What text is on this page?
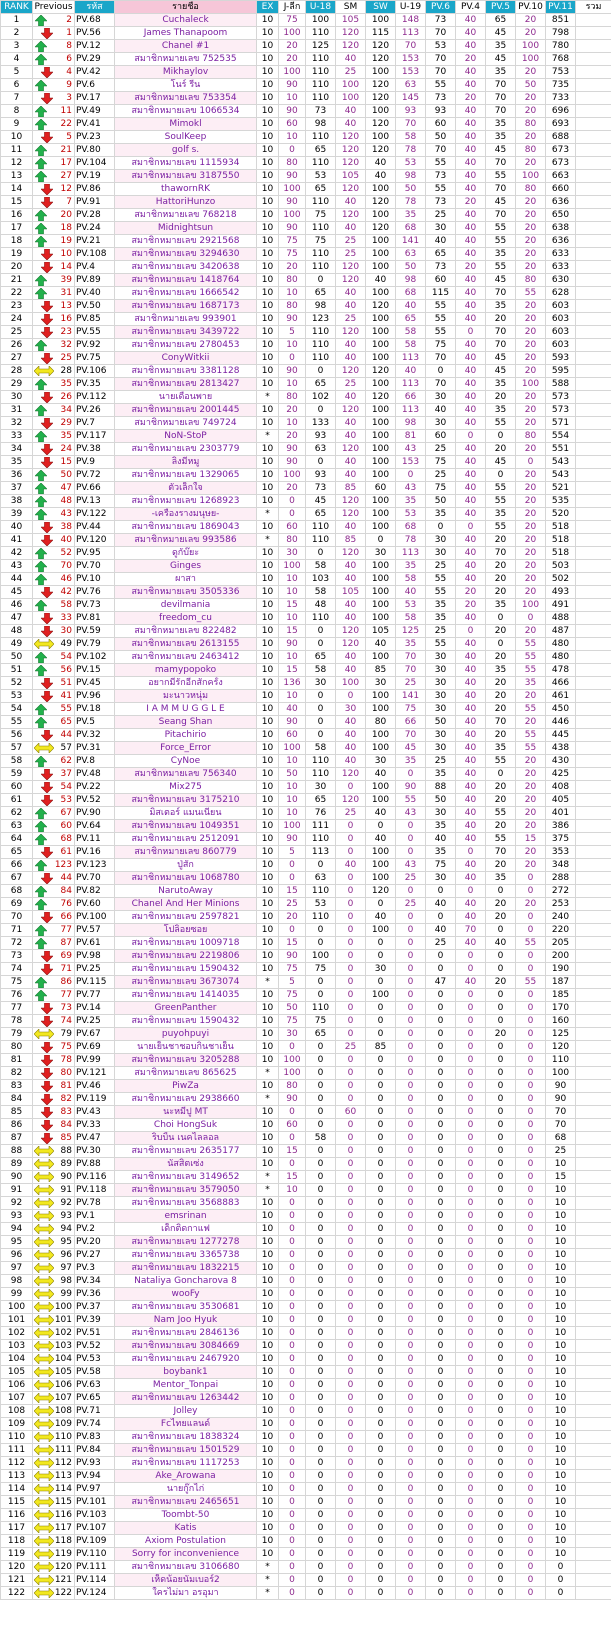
RANK	Previous	รหัส	รายชื่อ	EX	J-ลีก	U-18	SM	SW	U-19	PV.6	PV.4	PV.5	PV.10	PV.11	รวม
1	2	PV.68	Cuchaleck	10	75	100	105	100	148	73	40	65	20	851	
2	1	PV.56	James Thanapoom	10	100	110	120	115	113	70	40	45	20	798	
3	8	PV.12	Chanel #1	10	20	125	120	120	70	53	40	35	100	780	
4	6	PV.29	สมาชิกหมายเลข 752535	10	20	110	40	120	153	70	20	45	100	768	
5	4	PV.42	Mikhaylov	10	100	110	25	100	153	70	40	35	20	753	
6	9	PV.6	โนร์ รีน	10	90	110	100	120	63	55	40	70	50	735	
7	3	PV.17	สมาชิกหมายเลข 753354	10	10	110	100	120	145	73	20	70	20	733	
8	11	PV.49	สมาชิกหมายเลข 1066534	10	90	73	40	100	93	93	40	70	20	696	
9	22	PV.41	Mimokl	10	60	98	40	120	70	60	40	35	80	693	
10	5	PV.23	SoulKeep	10	10	110	120	100	58	50	40	35	20	688	
11	21	PV.80	golf s.	10	0	65	120	120	78	70	40	45	80	673	
12	17	PV.104	สมาชิกหมายเลข 1115934	10	80	110	120	40	53	55	40	70	20	673	
13	27	PV.19	สมาชิกหมายเลข 3187550	10	90	53	105	40	98	73	40	55	100	663	
14	12	PV.86	thawornRK	10	100	65	120	100	50	55	40	70	80	660	
15	7	PV.91	HattoriHunzo	10	90	110	40	120	78	73	20	45	20	636	
16	20	PV.28	สมาชิกหมายเลข 768218	10	100	75	120	100	35	25	40	70	20	650	
17	18	PV.24	Midnightsun	10	90	110	40	120	68	30	40	55	20	638	
18	19	PV.21	สมาชิกหมายเลข 2921568	10	75	75	25	100	141	40	40	55	20	636	
19	10	PV.108	สมาชิกหมายเลข 3294630	10	75	110	25	100	63	65	40	35	20	633	
20	14	PV.4	สมาชิกหมายเลข 3420638	10	20	110	120	100	50	73	20	55	20	633	
21	39	PV.89	สมาชิกหมายเลข 1418764	10	80	0	120	40	98	60	40	45	80	630	
22	31	PV.40	สมาชิกหมายเลข 1666542	10	10	65	40	100	68	115	40	70	55	628	
23	13	PV.50	สมาชิกหมายเลข 1687173	10	80	98	40	120	40	55	40	35	20	603	
24	16	PV.85	สมาชิกหมายเลข 993901	10	90	123	25	100	65	55	40	20	20	603	
25	23	PV.55	สมาชิกหมายเลข 3439722	10	5	110	120	100	58	55	0	70	20	603	
26	32	PV.92	สมาชิกหมายเลข 2780453	10	10	110	40	100	58	75	40	70	20	603	
27	25	PV.75	ConyWitkii	10	0	110	40	100	113	70	40	45	20	593	
28	28	PV.106	สมาชิกหมายเลข 3381128	10	90	0	120	120	40	0	40	45	20	595	
29	35	PV.35	สมาชิกหมายเลข 2813427	10	10	65	25	100	113	70	40	35	100	588	
30	26	PV.112	นายเดือนพาย	*	80	102	40	120	66	30	40	20	20	573	
31	34	PV.26	สมาชิกหมายเลข 2001445	10	20	0	120	100	113	40	40	35	20	573	
32	29	PV.7	สมาชิกหมายเลข 749724	10	10	133	40	100	98	30	40	55	20	571	
33	35	PV.117	NoN-StoP	*	20	93	40	100	81	60	0	0	80	554	
34	24	PV.38	สมาชิกหมายเลข 2303779	10	90	63	120	100	43	25	40	20	20	551	
35	15	PV.9	ลิงมีหมู	10	90	0	40	100	153	75	40	45	0	543	
36	50	PV.72	สมาชิกหมายเลข 1329065	10	100	93	40	100	0	25	40	0	20	543	
37	47	PV.66	ตัวเล็กใจ	10	20	73	85	60	43	75	40	55	20	521	
38	48	PV.13	สมาชิกหมายเลข 1268923	10	0	45	120	100	35	50	40	55	20	535	
39	43	PV.122	-เครื่องรางมนุษย-	*	0	65	120	100	53	35	40	35	20	520	
40	38	PV.44	สมาชิกหมายเลข 1869043	10	60	110	40	100	68	0	0	55	20	518	
41	40	PV.120	สมาชิกหมายเลข 993586	*	80	110	85	0	78	30	40	20	20	518	
42	52	PV.95	ดูกับ๊ยะ	10	30	0	120	30	113	30	40	70	20	518	
43	70	PV.70	Ginges	10	100	58	40	100	35	25	40	20	20	503	
44	46	PV.10	ผาสา	10	10	103	40	100	58	55	40	20	20	502	
45	42	PV.76	สมาชิกหมายเลข 3505336	10	10	58	105	100	40	55	20	20	20	493	
46	58	PV.73	devilmania	10	15	48	40	100	53	35	20	35	100	491	
47	33	PV.81	freedom_cu	10	10	110	40	100	58	35	40	0	0	488	
48	30	PV.59	สมาชิกหมายเลข 822482	10	15	0	120	105	125	25	0	20	20	487	
49	49	PV.79	สมาชิกหมายเลข 2613155	10	90	0	120	40	35	55	40	0	55	480	
50	54	PV.102	สมาชิกหมายเลข 2463412	10	10	65	40	100	70	30	40	20	55	480	
51	56	PV.15	mamypopoko	10	15	58	40	85	70	30	40	35	55	478	
52	51	PV.45	อยากมีรักอีกสักครั้ง	10	136	30	100	30	25	30	40	20	35	466	
53	41	PV.96	มะนาวหนุ่ม	10	10	0	0	100	141	30	40	20	20	461	
54	55	PV.18	I A M M U G G L E	10	40	0	30	100	75	30	40	20	55	450	
55	65	PV.5	Seang Shan	10	90	0	40	80	66	50	40	70	20	446	
56	44	PV.32	Pitachirio	10	60	0	40	100	70	30	40	20	55	445	
57	57	PV.31	Force_Error	10	100	58	40	100	45	30	40	35	55	438	
58	62	PV.8	CyNoe	10	10	110	40	30	35	25	40	55	20	430	
59	37	PV.48	สมาชิกหมายเลข 756340	10	50	110	120	40	0	35	40	0	20	425	
60	54	PV.22	Mix275	10	10	30	0	100	90	88	40	20	20	408	
61	53	PV.52	สมาชิกหมายเลข 3175210	10	10	65	120	100	55	50	40	20	20	405	
62	67	PV.90	มิสเตอร์ แมนเนี่ยน	10	10	76	25	40	43	30	40	55	20	401	
63	60	PV.64	สมาชิกหมายเลข 1049351	10	100	111	0	0	0	35	40	20	20	386	
64	68	PV.11	สมาชิกหมายเลข 2512091	10	90	110	0	40	0	40	40	55	15	375	
65	61	PV.16	สมาชิกหมายเลข 860779	10	5	113	0	100	0	35	0	70	20	353	
66	123	PV.123	ปู่สัก	10	0	0	40	100	43	75	40	20	20	348	
67	44	PV.70	สมาชิกหมายเลข 1068780	10	0	63	0	100	25	30	40	35	0	288	
68	84	PV.82	NarutoAway	10	15	110	0	120	0	0	0	0	0	272	
69	76	PV.60	Chanel And Her Minions	10	25	53	0	0	25	40	40	20	20	253	
70	66	PV.100	สมาชิกหมายเลข 2597821	10	20	110	0	40	0	0	40	20	0	240	
71	77	PV.57	โปลิอยซอย	10	0	0	0	100	0	40	70	0	0	220	
72	87	PV.61	สมาชิกหมายเลข 1009718	10	15	0	0	0	0	25	40	40	55	205	
73	69	PV.98	สมาชิกหมายเลข 2219806	10	90	100	0	0	0	0	0	0	0	200	
74	71	PV.25	สมาชิกหมายเลข 1590432	10	75	75	0	30	0	0	0	0	0	190	
75	86	PV.115	สมาชิกหมายเลข 3673074	*	5	0	0	0	0	47	40	20	55	187	
76	77	PV.77	สมาชิกหมายเลข 1414035	10	75	0	0	100	0	0	0	0	0	185	
77	73	PV.14	GreenPanther	10	50	110	0	0	0	0	0	0	0	170	
78	74	PV.25	สมาชิกหมายเลข 1590432	10	75	75	0	0	0	0	0	0	0	160	
79	79	PV.67	puyohpuyi	10	30	65	0	0	0	0	0	20	0	125	
80	75	PV.69	นายเย็นชาชอบกินชาเย็น	10	0	0	25	85	0	0	0	0	0	120	
81	78	PV.99	สมาชิกหมายเลข 3205288	10	100	0	0	0	0	0	0	0	0	110	
82	80	PV.121	สมาชิกหมายเลข 865625	*	100	0	0	0	0	0	0	0	0	100	
83	81	PV.46	PiwZa	10	80	0	0	0	0	0	0	0	0	90	
84	82	PV.119	สมาชิกหมายเลข 2938660	*	90	0	0	0	0	0	0	0	0	90	
85	83	PV.43	นะหมี่ปู MT	10	0	0	60	0	0	0	0	0	0	70	
86	84	PV.33	Choi HongSuk	10	60	0	0	0	0	0	0	0	0	70	
87	85	PV.47	ริบบิ้น เนคไลลอล	10	0	58	0	0	0	0	0	0	0	68	
88	88	PV.30	สมาชิกหมายเลข 2635177	10	15	0	0	0	0	0	0	0	0	25	
89	89	PV.88	นัสสิตเซ่ง	10	0	0	0	0	0	0	0	0	0	10	
90	90	PV.116	สมาชิกหมายเลข 3149652	*	15	0	0	0	0	0	0	0	0	15	
91	91	PV.118	สมาชิกหมายเลข 3579050	*	10	0	0	0	0	0	0	0	0	10	
92	92	PV.78	สมาชิกหมายเลข 3568883	10	0	0	0	0	0	0	0	0	0	10	
93	93	PV.1	emsrinan	10	0	0	0	0	0	0	0	0	0	10	
94	94	PV.2	เด็กติดกาแฟ	10	0	0	0	0	0	0	0	0	0	10	
95	95	PV.20	สมาชิกหมายเลข 1277278	10	0	0	0	0	0	0	0	0	0	10	
96	96	PV.27	สมาชิกหมายเลข 3365738	10	0	0	0	0	0	0	0	0	0	10	
97	97	PV.3	สมาชิกหมายเลข 1832215	10	0	0	0	0	0	0	0	0	0	10	
98	98	PV.34	Nataliya Goncharova 8	10	0	0	0	0	0	0	0	0	0	10	
99	99	PV.36	wooFy	10	0	0	0	0	0	0	0	0	0	10	
100	100	PV.37	สมาชิกหมายเลข 3530681	10	0	0	0	0	0	0	0	0	0	10	
101	101	PV.39	Nam Joo Hyuk	10	0	0	0	0	0	0	0	0	0	10	
102	102	PV.51	สมาชิกหมายเลข 2846136	10	0	0	0	0	0	0	0	0	0	10	
103	103	PV.52	สมาชิกหมายเลข 3084669	10	0	0	0	0	0	0	0	0	0	10	
104	104	PV.53	สมาชิกหมายเลข 2467920	10	0	0	0	0	0	0	0	0	0	10	
105	105	PV.58	boybank1	10	0	0	0	0	0	0	0	0	0	10	
106	106	PV.63	Mentor_Tonpai	10	0	0	0	0	0	0	0	0	0	10	
107	107	PV.65	สมาชิกหมายเลข 1263442	10	0	0	0	0	0	0	0	0	0	10	
108	108	PV.71	Jolley	10	0	0	0	0	0	0	0	0	0	10	
109	109	PV.74	Fcไทยแลนด์	10	0	0	0	0	0	0	0	0	0	10	
110	110	PV.83	สมาชิกหมายเลข 1838324	10	0	0	0	0	0	0	0	0	0	10	
111	111	PV.84	สมาชิกหมายเลข 1501529	10	0	0	0	0	0	0	0	0	0	10	
112	112	PV.93	สมาชิกหมายเลข 1117253	10	0	0	0	0	0	0	0	0	0	10	
113	113	PV.94	Ake_Arowana	10	0	0	0	0	0	0	0	0	0	10	
114	114	PV.97	นายกู๊กไก่	10	0	0	0	0	0	0	0	0	0	10	
115	115	PV.101	สมาชิกหมายเลข 2465651	10	0	0	0	0	0	0	0	0	0	10	
116	116	PV.103	Toombt-50	10	0	0	0	0	0	0	0	0	0	10	
117	117	PV.107	Katis	10	0	0	0	0	0	0	0	0	0	10	
118	118	PV.109	Axiom Postulation	10	0	0	0	0	0	0	0	0	0	10	
119	119	PV.110	Sorry for inconvenience	10	0	0	0	0	0	0	0	0	0	10	
120	120	PV.111	สมาชิกหมายเลข 3106680	*	0	0	0	0	0	0	0	0	0	0	
121	121	PV.114	เห็ดน้อยนัมเบอร์2	*	0	0	0	0	0	0	0	0	0	0	
122	122	PV.124	ใครไม่มา อรอุมา	*	0	0	0	0	0	0	0	0	0	0	
